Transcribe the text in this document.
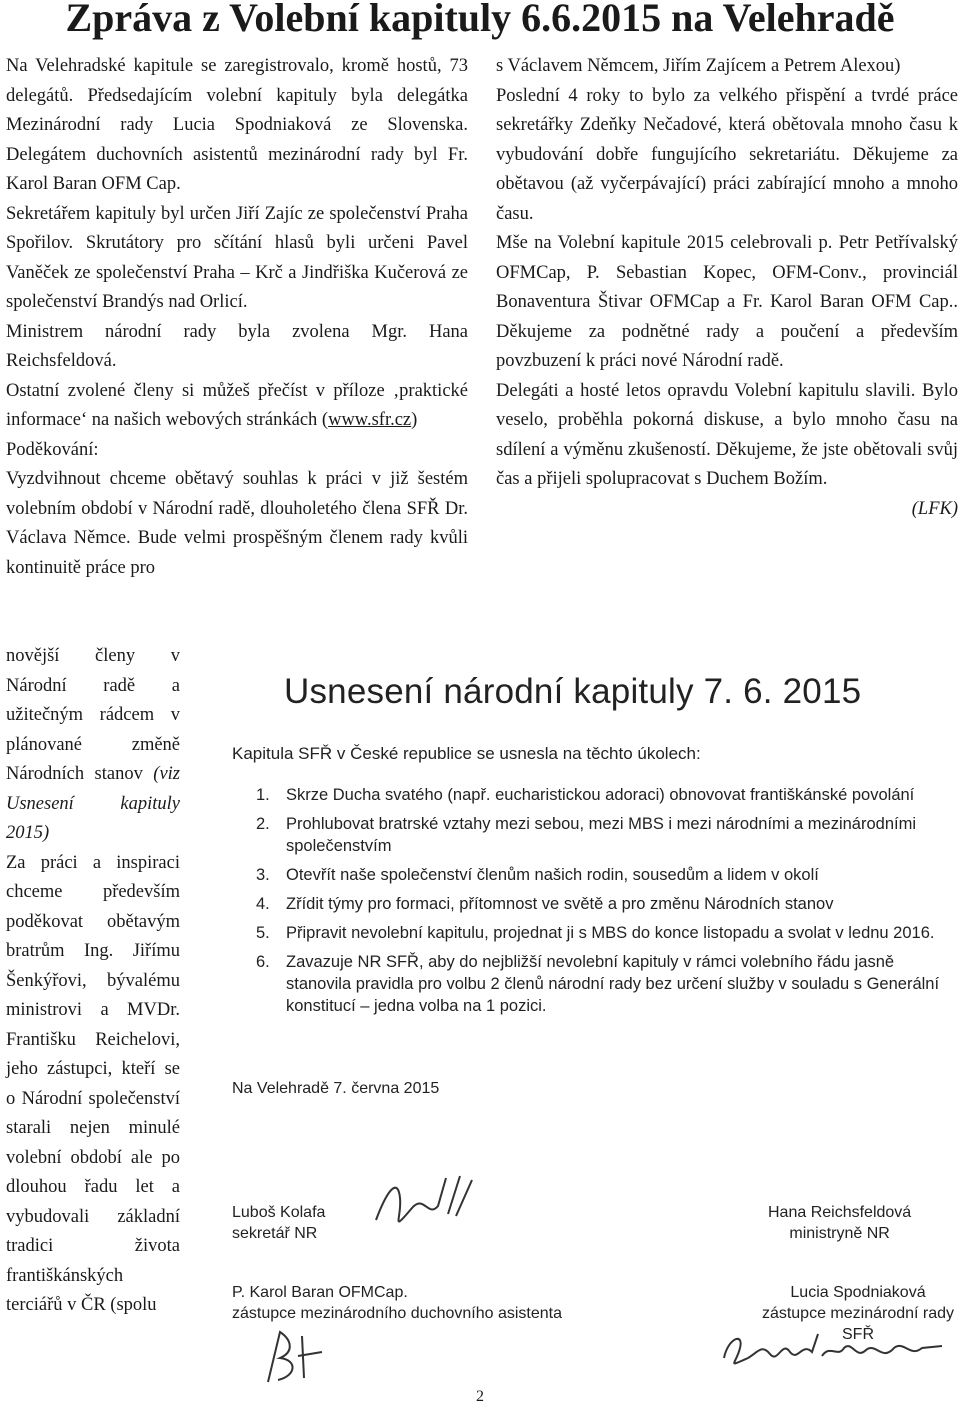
Zpráva z Volební kapituly 6.6.2015 na Velehradě

Na Velehradské kapitule se zaregistrovalo, kromě hostů, 73 delegátů. Předsedajícím volební kapituly byla delegátka Mezinárodní rady Lucia Spodniaková ze Slovenska. Delegátem duchovních asistentů mezinárodní rady byl Fr. Karol Baran OFM Cap.

Sekretářem kapituly byl určen Jiří Zajíc ze společenství Praha Spořilov. Skrutátory pro sčítání hlasů byli určeni Pavel Vaněček ze společenství Praha – Krč a Jindřiška Kučerová ze společenství Brandýs nad Orlicí.

Ministrem národní rady byla zvolena Mgr. Hana Reichsfeldová.

Ostatní zvolené členy si můžeš přečíst v příloze ‚praktické informace‘ na našich webových stránkách (www.sfr.cz)

Poděkování:

Vyzdvihnout chceme obětavý souhlas k práci v již šestém volebním období v Národní radě, dlouholetého člena SFŘ Dr. Václava Němce. Bude velmi prospěšným členem rady kvůli kontinuitě práce pro

novější členy v Národní radě a užitečným rádcem v plánované změně Národních stanov (viz Usnesení kapituly 2015)

Za práci a inspiraci chceme především poděkovat obětavým bratrům Ing. Jiřímu Šenkýřovi, bývalému ministrovi a MVDr. Františku Reichelovi, jeho zástupci, kteří se o Národní společenství starali nejen minulé volební období ale po dlouhou řadu let a vybudovali základní tradici života františkánských terciářů v ČR (spolu

s Václavem Němcem, Jiřím Zajícem a Petrem Alexou)

Poslední 4 roky to bylo za velkého přispění a tvrdé práce sekretářky Zdeňky Nečadové, která obětovala mnoho času k vybudování dobře fungujícího sekretariátu. Děkujeme za obětavou (až vyčerpávající) práci zabírající mnoho a mnoho času.

Mše na Volební kapitule 2015 celebrovali p. Petr Petřívalský OFMCap, P. Sebastian Kopec, OFM-Conv., provinciál Bonaventura Štivar OFMCap a Fr. Karol Baran OFM Cap.. Děkujeme za podnětné rady a poučení a především povzbuzení k práci nové Národní radě.

Delegáti a hosté letos opravdu Volební kapitulu slavili. Bylo veselo, proběhla pokorná diskuse, a bylo mnoho času na sdílení a výměnu zkušeností. Děkujeme, že jste obětovali svůj čas a přijeli spolupracovat s Duchem Božím.

(LFK)

Usnesení národní kapituly 7. 6. 2015
Kapitula SFŘ v České republice se usnesla na těchto úkolech:
1. Skrze Ducha svatého (např. eucharistickou adoraci) obnovovat františkánské povolání
2. Prohlubovat bratrské vztahy mezi sebou, mezi MBS i mezi národními a mezinárodními společenstvím
3. Otevřít naše společenství členům našich rodin, sousedům a lidem v okolí
4. Zřídit týmy pro formaci, přítomnost ve světě a pro změnu Národních stanov
5. Připravit nevolební kapitulu, projednat ji s MBS do konce listopadu a svolat v lednu 2016.
6. Zavazuje NR SFŘ, aby do nejbližší nevolební kapituly v rámci volebního řádu jasně stanovila pravidla pro volbu 2 členů národní rady bez určení služby v souladu s Generální konstitucí – jedna volba na 1 pozici.
Na Velehradě 7. června 2015
Luboš Kolafa
sekretář NR
Hana Reichsfeldová
ministryně NR
P. Karol Baran OFMCap.
zástupce mezinárodního duchovního asistenta
Lucia Spodniaková
zástupce mezinárodní rady SFŘ
2
